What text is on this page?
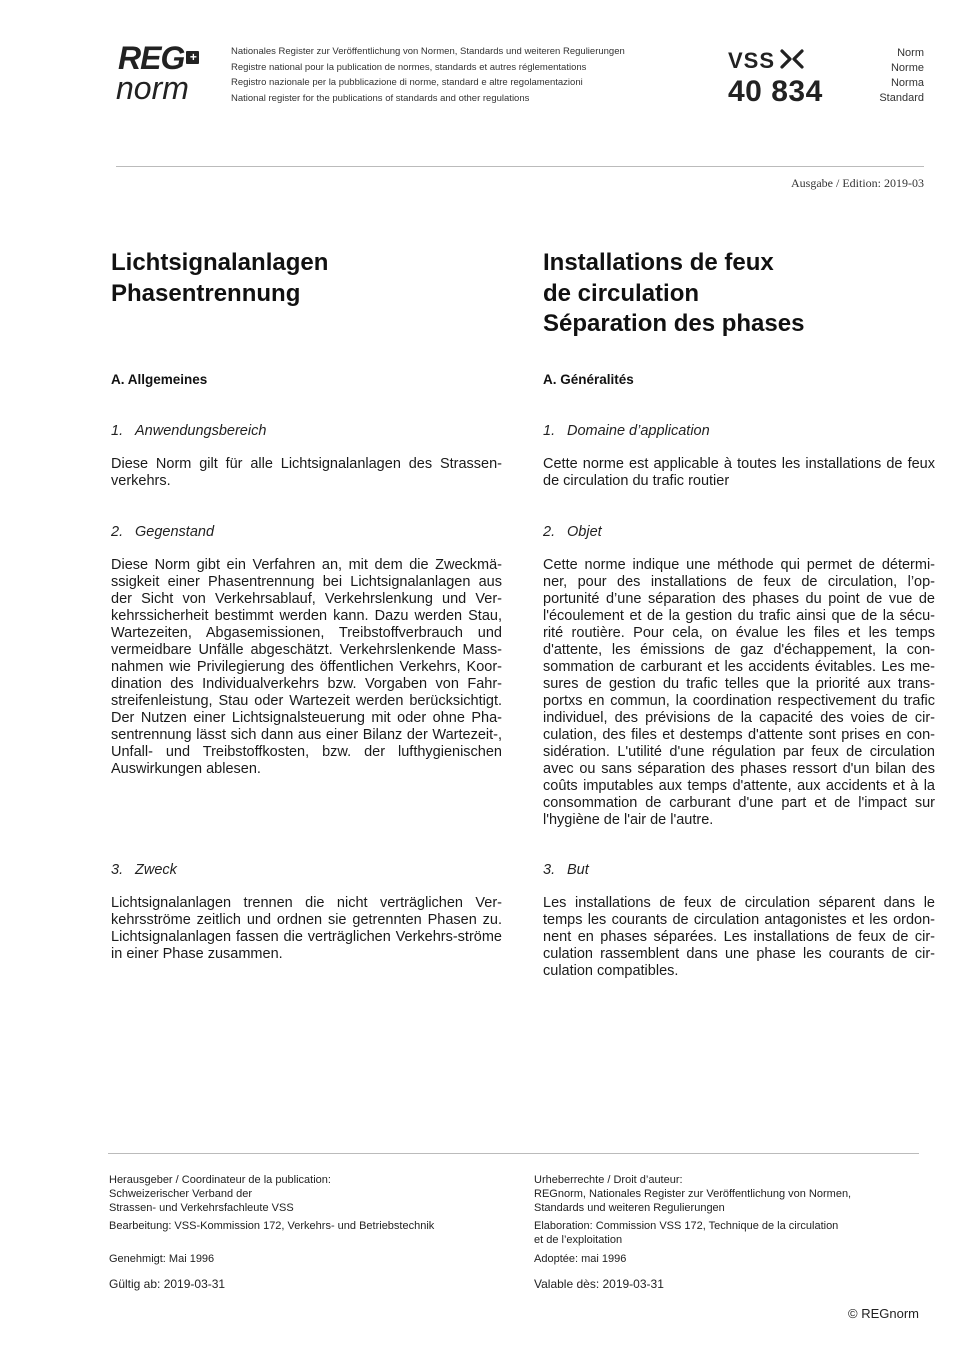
REG +
norm
Nationales Register zur Veröffentlichung von Normen, Standards und weiteren Regulierungen
Registre national pour la publication de normes, standards et autres réglementations
Registro nazionale per la pubblicazione di norme, standard e altre regolamentazioni
National register for the publications of standards and other regulations
VSS
40 834
Norm
Norme
Norma
Standard
Ausgabe / Edition: 2019-03
Lichtsignalanlagen
Phasentrennung
A. Allgemeines
1. Anwendungsbereich
Diese Norm gilt für alle Lichtsignalanlagen des Strassen-verkehrs.
2. Gegenstand
Diese Norm gibt ein Verfahren an, mit dem die Zweckmä-ssigkeit einer Phasentrennung bei Lichtsignalanlagen aus der Sicht von Verkehrsablauf, Verkehrslenkung und Ver-kehrssicherheit bestimmt werden kann. Dazu werden Stau, Wartezeiten, Abgasemissionen, Treibstoffverbrauch und vermeidbare Unfälle abgeschätzt. Verkehrslenkende Mass-nahmen wie Privilegierung des öffentlichen Verkehrs, Koor-dination des Individualverkehrs bzw. Vorgaben von Fahr-streifenleistung, Stau oder Wartezeit werden berücksichtigt. Der Nutzen einer Lichtsignalsteuerung mit oder ohne Pha-sentrennung lässt sich dann aus einer Bilanz der Wartezeit-, Unfall- und Treibstoffkosten, bzw. der lufthygienischen Auswirkungen ablesen.
3. Zweck
Lichtsignalanlagen trennen die nicht verträglichen Ver-kehrsströme zeitlich und ordnen sie getrennten Phasen zu. Lichtsignalanlagen fassen die verträglichen Verkehrs-ströme in einer Phase zusammen.
Installations de feux
de circulation
Séparation des phases
A. Généralités
1. Domaine d’application
Cette norme est applicable à toutes les installations de feux de circulation du trafic routier
2. Objet
Cette norme indique une méthode qui permet de détermi-ner, pour des installations de feux de circulation, l’op-portunité d’une séparation des phases du point de vue de l'écoulement et de la gestion du trafic ainsi que de la sécu-rité routière. Pour cela, on évalue les files et les temps d'attente, les émissions de gaz d'échappement, la con-sommation de carburant et les accidents évitables. Les me-sures de gestion du trafic telles que la priorité aux trans-portxs en commun, la coordination respectivement du trafic individuel, des prévisions de la capacité des voies de cir-culation, des files et destemps d'attente sont prises en con-sidération. L'utilité d'une régulation par feux de circulation avec ou sans séparation des phases ressort d'un bilan des coûts imputables aux temps d'attente, aux accidents et à la consommation de carburant d'une part et de l'impact sur l'hygiène de l'air de l'autre.
3. But
Les installations de feux de circulation séparent dans le temps les courants de circulation antagonistes et les ordon-nent en phases séparées. Les installations de feux de cir-culation rassemblent dans une phase les courants de cir-culation compatibles.
Herausgeber / Coordinateur de la publication:
Schweizerischer Verband der
Strassen- und Verkehrsfachleute VSS
Bearbeitung: VSS-Kommission 172, Verkehrs- und Betriebstechnik
Genehmigt: Mai 1996
Gültig ab: 2019-03-31
Urheberrechte / Droit d’auteur:
REGnorm, Nationales Register zur Veröffentlichung von Normen,
Standards und weiteren Regulierungen
Elaboration: Commission VSS 172, Technique de la circulation
et de l’exploitation
Adoptée: mai 1996
Valable dès: 2019-03-31
© REGnorm
